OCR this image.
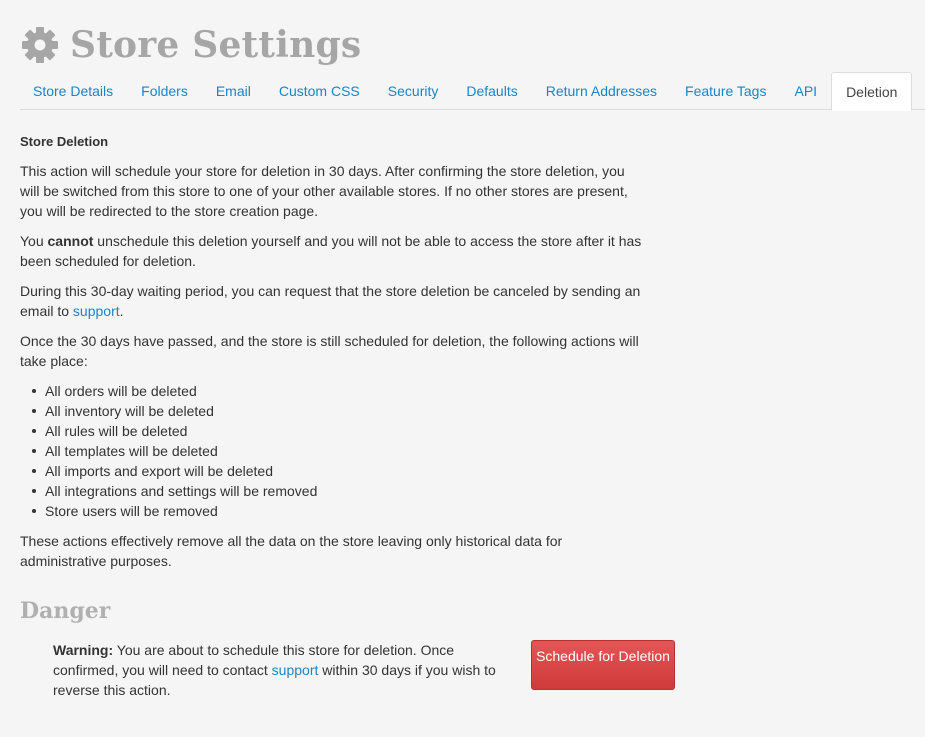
Store Settings
Store Details	Folders	Email	Custom CSS	Security	Defaults	Return Addresses	Feature Tags	API	Deletion
Store Deletion

This action will schedule your store for deletion in 30 days. After confirming the store deletion, you will be switched from this store to one of your other available stores. If no other stores are present, you will be redirected to the store creation page.

You cannot unschedule this deletion yourself and you will not be able to access the store after it has been scheduled for deletion.

During this 30-day waiting period, you can request that the store deletion be canceled by sending an email to support.

Once the 30 days have passed, and the store is still scheduled for deletion, the following actions will take place:

All orders will be deleted
All inventory will be deleted
All rules will be deleted
All templates will be deleted
All imports and export will be deleted
All integrations and settings will be removed
Store users will be removed

These actions effectively remove all the data on the store leaving only historical data for administrative purposes.

Danger
Warning: You are about to schedule this store for deletion. Once confirmed, you will need to contact support within 30 days if you wish to reverse this action.
Schedule for Deletion
